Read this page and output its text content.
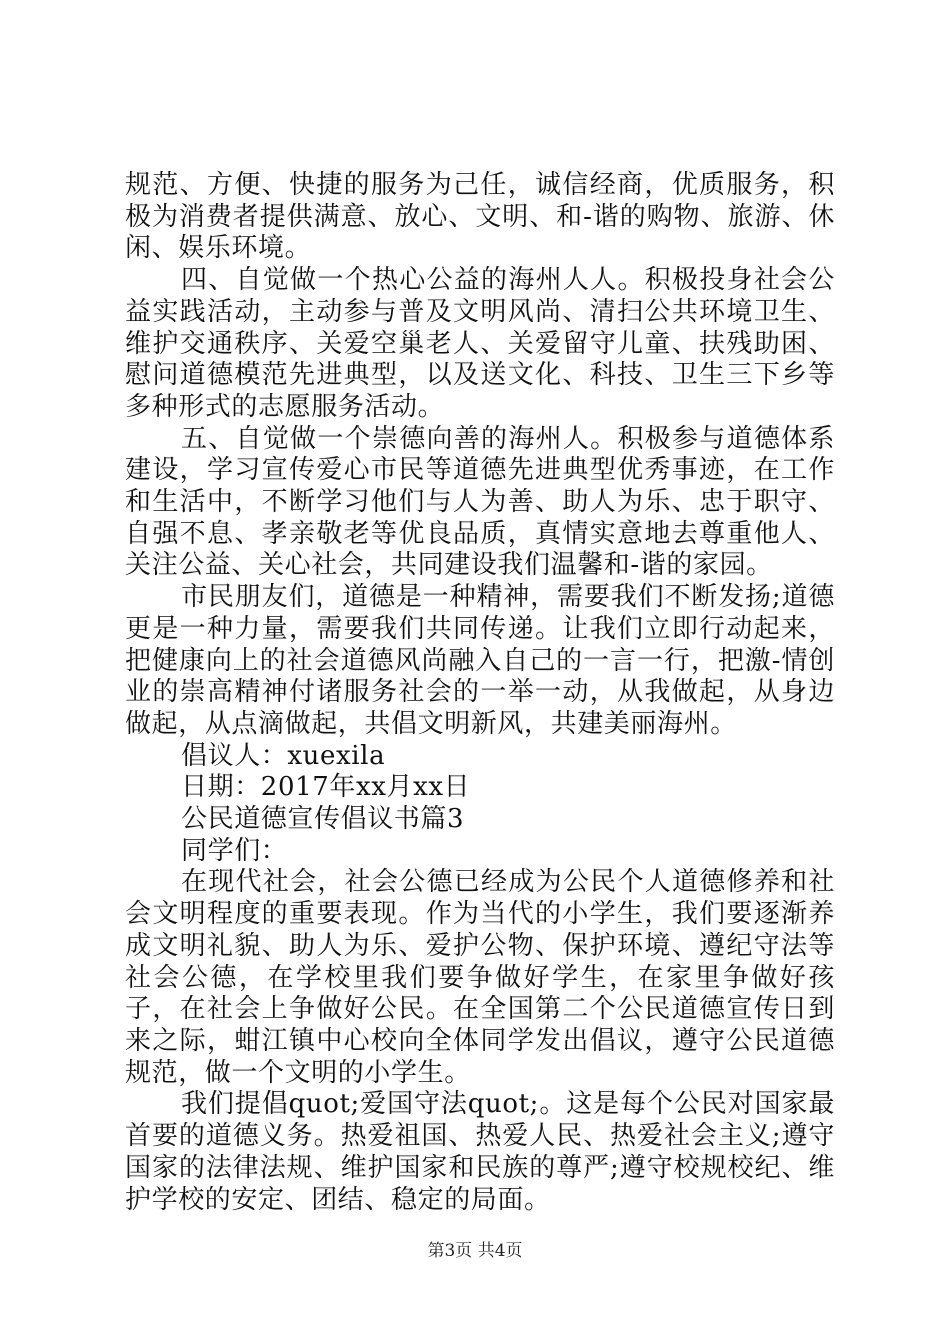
规范、方便、快捷的服务为己任，诚信经商，优质服务，积极为消费者提供满意、放心、文明、和-谐的购物、旅游、休闲、娱乐环境。

四、自觉做一个热心公益的海州人人。积极投身社会公益实践活动，主动参与普及文明风尚、清扫公共环境卫生、维护交通秩序、关爱空巢老人、关爱留守儿童、扶残助困、慰问道德模范先进典型，以及送文化、科技、卫生三下乡等多种形式的志愿服务活动。

五、自觉做一个崇德向善的海州人。积极参与道德体系建设，学习宣传爱心市民等道德先进典型优秀事迹，在工作和生活中，不断学习他们与人为善、助人为乐、忠于职守、自强不息、孝亲敬老等优良品质，真情实意地去尊重他人、关注公益、关心社会，共同建设我们温馨和-谐的家园。

市民朋友们，道德是一种精神，需要我们不断发扬;道德更是一种力量，需要我们共同传递。让我们立即行动起来，把健康向上的社会道德风尚融入自己的一言一行，把激-情创业的崇高精神付诸服务社会的一举一动，从我做起，从身边做起，从点滴做起，共倡文明新风，共建美丽海州。

倡议人：xuexila

日期：2017年xx月xx日

公民道德宣传倡议书篇3

同学们：

在现代社会，社会公德已经成为公民个人道德修养和社会文明程度的重要表现。作为当代的小学生，我们要逐渐养成文明礼貌、助人为乐、爱护公物、保护环境、遵纪守法等社会公德，在学校里我们要争做好学生，在家里争做好孩子，在社会上争做好公民。在全国第二个公民道德宣传日到来之际，蚶江镇中心校向全体同学发出倡议，遵守公民道德规范，做一个文明的小学生。

我们提倡quot;爱国守法quot;。这是每个公民对国家最首要的道德义务。热爱祖国、热爱人民、热爱社会主义;遵守国家的法律法规、维护国家和民族的尊严;遵守校规校纪、维护学校的安定、团结、稳定的局面。

第3页 共4页
